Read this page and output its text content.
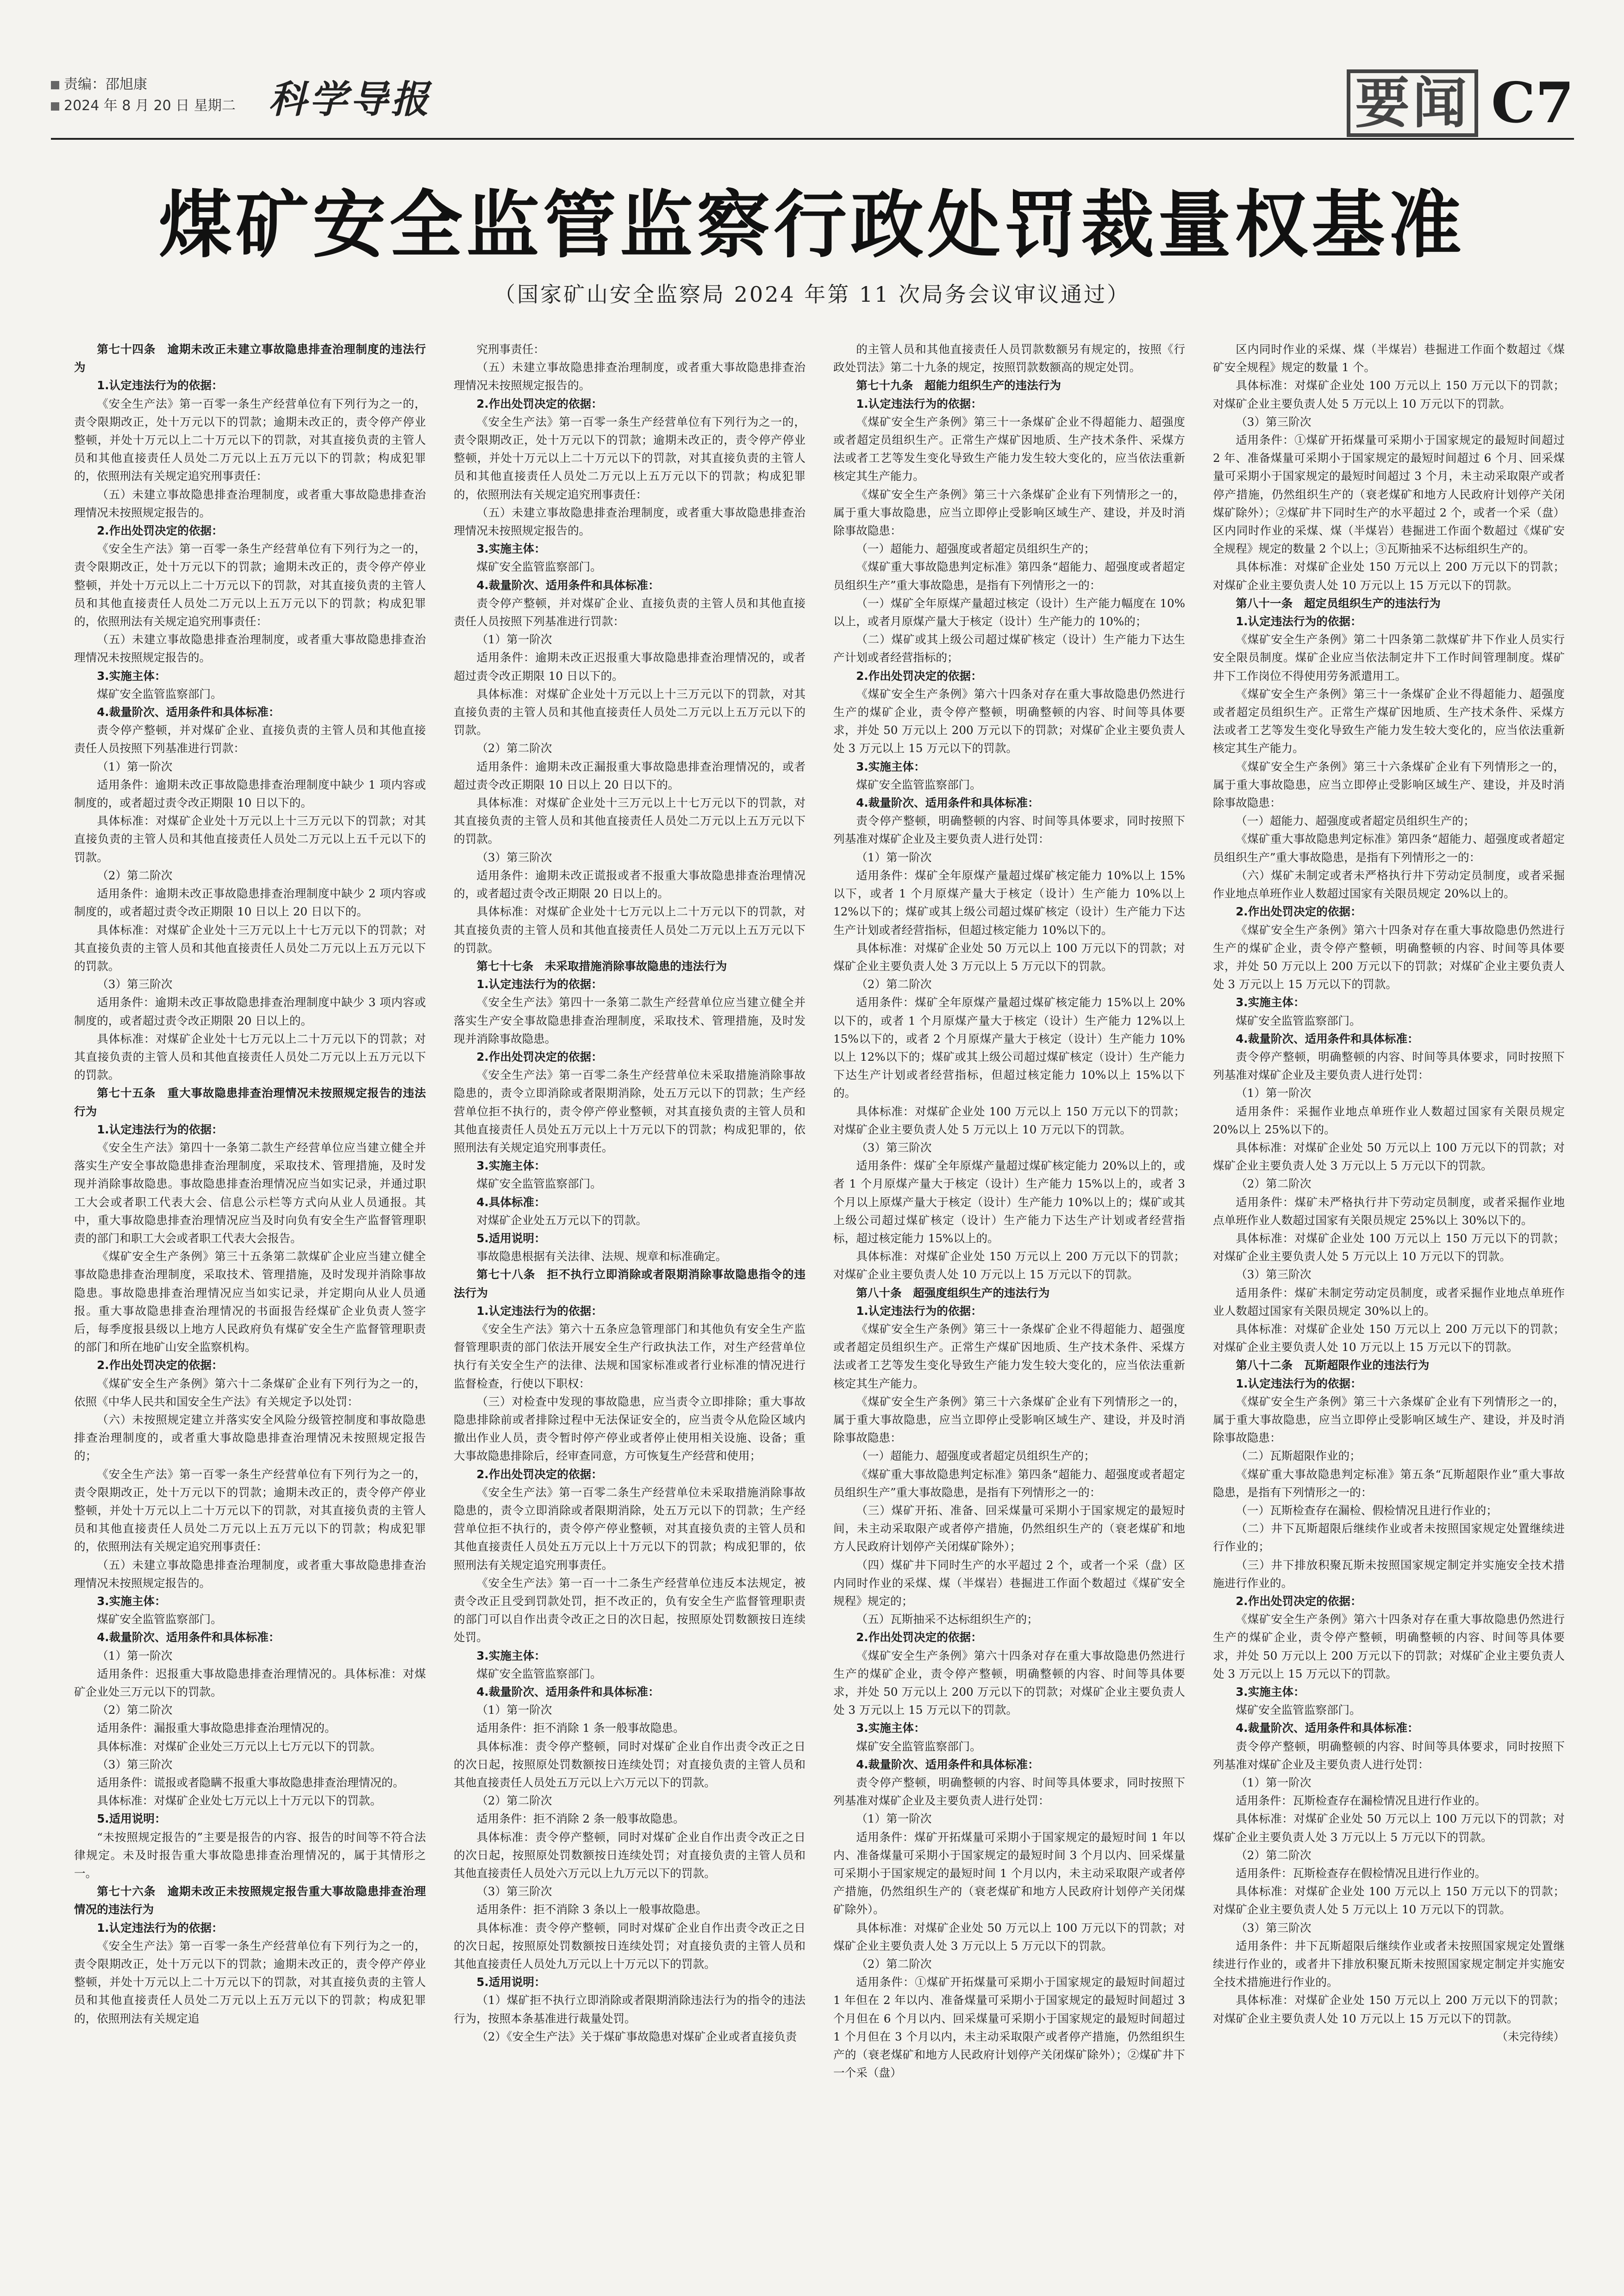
责编：邵旭康
2024 年 8 月 20 日 星期二 科学导报	要闻 C7
煤矿安全监管监察行政处罚裁量权基准
（国家矿山安全监察局 2024 年第 11 次局务会议审议通过）

第七十四条　逾期未改正未建立事故隐患排查治理制度的违法行为

1.认定违法行为的依据：

《安全生产法》第一百零一条生产经营单位有下列行为之一的，责令限期改正，处十万元以下的罚款；逾期未改正的，责令停产停业整顿，并处十万元以上二十万元以下的罚款，对其直接负责的主管人员和其他直接责任人员处二万元以上五万元以下的罚款；构成犯罪的，依照刑法有关规定追究刑事责任：

（五）未建立事故隐患排查治理制度，或者重大事故隐患排查治理情况未按照规定报告的。

2.作出处罚决定的依据：

《安全生产法》第一百零一条生产经营单位有下列行为之一的，责令限期改正，处十万元以下的罚款；逾期未改正的，责令停产停业整顿，并处十万元以上二十万元以下的罚款，对其直接负责的主管人员和其他直接责任人员处二万元以上五万元以下的罚款；构成犯罪的，依照刑法有关规定追究刑事责任：

（五）未建立事故隐患排查治理制度，或者重大事故隐患排查治理情况未按照规定报告的。

3.实施主体：

煤矿安全监管监察部门。

4.裁量阶次、适用条件和具体标准：

责令停产整顿，并对煤矿企业、直接负责的主管人员和其他直接责任人员按照下列基准进行罚款：

（1）第一阶次

适用条件：逾期未改正事故隐患排查治理制度中缺少 1 项内容或制度的，或者超过责令改正期限 10 日以下的。

具体标准：对煤矿企业处十万元以上十三万元以下的罚款；对其直接负责的主管人员和其他直接责任人员处二万元以上五千元以下的罚款。

（2）第二阶次

适用条件：逾期未改正事故隐患排查治理制度中缺少 2 项内容或制度的，或者超过责令改正期限 10 日以上 20 日以下的。

具体标准：对煤矿企业处十三万元以上十七万元以下的罚款；对其直接负责的主管人员和其他直接责任人员处二万元以上五万元以下的罚款。

（3）第三阶次

适用条件：逾期未改正事故隐患排查治理制度中缺少 3 项内容或制度的，或者超过责令改正期限 20 日以上的。

具体标准：对煤矿企业处十七万元以上二十万元以下的罚款；对其直接负责的主管人员和其他直接责任人员处二万元以上五万元以下的罚款。

第七十五条　重大事故隐患排查治理情况未按照规定报告的违法行为

1.认定违法行为的依据：

《安全生产法》第四十一条第二款生产经营单位应当建立健全并落实生产安全事故隐患排查治理制度，采取技术、管理措施，及时发现并消除事故隐患。事故隐患排查治理情况应当如实记录，并通过职工大会或者职工代表大会、信息公示栏等方式向从业人员通报。其中，重大事故隐患排查治理情况应当及时向负有安全生产监督管理职责的部门和职工大会或者职工代表大会报告。

《煤矿安全生产条例》第三十五条第二款煤矿企业应当建立健全事故隐患排查治理制度，采取技术、管理措施，及时发现并消除事故隐患。事故隐患排查治理情况应当如实记录，并定期向从业人员通报。重大事故隐患排查治理情况的书面报告经煤矿企业负责人签字后，每季度报县级以上地方人民政府负有煤矿安全生产监督管理职责的部门和所在地矿山安全监察机构。

2.作出处罚决定的依据：

《煤矿安全生产条例》第六十二条煤矿企业有下列行为之一的，依照《中华人民共和国安全生产法》有关规定予以处罚：

（六）未按照规定建立并落实安全风险分级管控制度和事故隐患排查治理制度的，或者重大事故隐患排查治理情况未按照规定报告的；

《安全生产法》第一百零一条生产经营单位有下列行为之一的，责令限期改正，处十万元以下的罚款；逾期未改正的，责令停产停业整顿，并处十万元以上二十万元以下的罚款，对其直接负责的主管人员和其他直接责任人员处二万元以上五万元以下的罚款；构成犯罪的，依照刑法有关规定追究刑事责任：

（五）未建立事故隐患排查治理制度，或者重大事故隐患排查治理情况未按照规定报告的。

3.实施主体：

煤矿安全监管监察部门。

4.裁量阶次、适用条件和具体标准：

（1）第一阶次

适用条件：迟报重大事故隐患排查治理情况的。具体标准：对煤矿企业处三万元以下的罚款。

（2）第二阶次

适用条件：漏报重大事故隐患排查治理情况的。

具体标准：对煤矿企业处三万元以上七万元以下的罚款。

（3）第三阶次

适用条件：谎报或者隐瞒不报重大事故隐患排查治理情况的。

具体标准：对煤矿企业处七万元以上十万元以下的罚款。

5.适用说明：

“未按照规定报告的”主要是报告的内容、报告的时间等不符合法律规定。未及时报告重大事故隐患排查治理情况的，属于其情形之一。

第七十六条　逾期未改正未按照规定报告重大事故隐患排查治理情况的违法行为

1.认定违法行为的依据：

《安全生产法》第一百零一条生产经营单位有下列行为之一的，责令限期改正，处十万元以下的罚款；逾期未改正的，责令停产停业整顿，并处十万元以上二十万元以下的罚款，对其直接负责的主管人员和其他直接责任人员处二万元以上五万元以下的罚款；构成犯罪的，依照刑法有关规定追

究刑事责任：

（五）未建立事故隐患排查治理制度，或者重大事故隐患排查治理情况未按照规定报告的。

2.作出处罚决定的依据：

《安全生产法》第一百零一条生产经营单位有下列行为之一的，责令限期改正，处十万元以下的罚款；逾期未改正的，责令停产停业整顿，并处十万元以上二十万元以下的罚款，对其直接负责的主管人员和其他直接责任人员处二万元以上五万元以下的罚款；构成犯罪的，依照刑法有关规定追究刑事责任：

（五）未建立事故隐患排查治理制度，或者重大事故隐患排查治理情况未按照规定报告的。

3.实施主体：

煤矿安全监管监察部门。

4.裁量阶次、适用条件和具体标准：

责令停产整顿，并对煤矿企业、直接负责的主管人员和其他直接责任人员按照下列基准进行罚款：

（1）第一阶次

适用条件：逾期未改正迟报重大事故隐患排查治理情况的，或者超过责令改正期限 10 日以下的。

具体标准：对煤矿企业处十万元以上十三万元以下的罚款，对其直接负责的主管人员和其他直接责任人员处二万元以上五万元以下的罚款。

（2）第二阶次

适用条件：逾期未改正漏报重大事故隐患排查治理情况的，或者超过责令改正期限 10 日以上 20 日以下的。

具体标准：对煤矿企业处十三万元以上十七万元以下的罚款，对其直接负责的主管人员和其他直接责任人员处二万元以上五万元以下的罚款。

（3）第三阶次

适用条件：逾期未改正谎报或者不报重大事故隐患排查治理情况的，或者超过责令改正期限 20 日以上的。

具体标准：对煤矿企业处十七万元以上二十万元以下的罚款，对其直接负责的主管人员和其他直接责任人员处二万元以上五万元以下的罚款。

第七十七条　未采取措施消除事故隐患的违法行为

1.认定违法行为的依据：

《安全生产法》第四十一条第二款生产经营单位应当建立健全并落实生产安全事故隐患排查治理制度，采取技术、管理措施，及时发现并消除事故隐患。

2.作出处罚决定的依据：

《安全生产法》第一百零二条生产经营单位未采取措施消除事故隐患的，责令立即消除或者限期消除，处五万元以下的罚款；生产经营单位拒不执行的，责令停产停业整顿，对其直接负责的主管人员和其他直接责任人员处五万元以上十万元以下的罚款；构成犯罪的，依照刑法有关规定追究刑事责任。

3.实施主体：

煤矿安全监管监察部门。

4.具体标准：

对煤矿企业处五万元以下的罚款。

5.适用说明：

事故隐患根据有关法律、法规、规章和标准确定。

第七十八条　拒不执行立即消除或者限期消除事故隐患指令的违法行为

1.认定违法行为的依据：

《安全生产法》第六十五条应急管理部门和其他负有安全生产监督管理职责的部门依法开展安全生产行政执法工作，对生产经营单位执行有关安全生产的法律、法规和国家标准或者行业标准的情况进行监督检查，行使以下职权：

（三）对检查中发现的事故隐患，应当责令立即排除；重大事故隐患排除前或者排除过程中无法保证安全的，应当责令从危险区域内撤出作业人员，责令暂时停产停业或者停止使用相关设施、设备；重大事故隐患排除后，经审查同意，方可恢复生产经营和使用；

2.作出处罚决定的依据：

《安全生产法》第一百零二条生产经营单位未采取措施消除事故隐患的，责令立即消除或者限期消除，处五万元以下的罚款；生产经营单位拒不执行的，责令停产停业整顿，对其直接负责的主管人员和其他直接责任人员处五万元以上十万元以下的罚款；构成犯罪的，依照刑法有关规定追究刑事责任。

《安全生产法》第一百一十二条生产经营单位违反本法规定，被责令改正且受到罚款处罚，拒不改正的，负有安全生产监督管理职责的部门可以自作出责令改正之日的次日起，按照原处罚数额按日连续处罚。

3.实施主体：

煤矿安全监管监察部门。

4.裁量阶次、适用条件和具体标准：

（1）第一阶次

适用条件：拒不消除 1 条一般事故隐患。

具体标准：责令停产整顿，同时对煤矿企业自作出责令改正之日的次日起，按照原处罚数额按日连续处罚；对直接负责的主管人员和其他直接责任人员处五万元以上六万元以下的罚款。

（2）第二阶次

适用条件：拒不消除 2 条一般事故隐患。

具体标准：责令停产整顿，同时对煤矿企业自作出责令改正之日的次日起，按照原处罚数额按日连续处罚；对直接负责的主管人员和其他直接责任人员处六万元以上九万元以下的罚款。

（3）第三阶次

适用条件：拒不消除 3 条以上一般事故隐患。

具体标准：责令停产整顿，同时对煤矿企业自作出责令改正之日的次日起，按照原处罚数额按日连续处罚；对直接负责的主管人员和其他直接责任人员处九万元以上十万元以下的罚款。

5.适用说明：

（1）煤矿拒不执行立即消除或者限期消除违法行为的指令的违法行为，按照本条基准进行裁量处罚。

（2）《安全生产法》关于煤矿事故隐患对煤矿企业或者直接负责

的主管人员和其他直接责任人员罚款数额另有规定的，按照《行政处罚法》第二十九条的规定，按照罚款数额高的规定处罚。

第七十九条　超能力组织生产的违法行为

1.认定违法行为的依据：

《煤矿安全生产条例》第三十一条煤矿企业不得超能力、超强度或者超定员组织生产。正常生产煤矿因地质、生产技术条件、采煤方法或者工艺等发生变化导致生产能力发生较大变化的，应当依法重新核定其生产能力。

《煤矿安全生产条例》第三十六条煤矿企业有下列情形之一的，属于重大事故隐患，应当立即停止受影响区域生产、建设，并及时消除事故隐患：

（一）超能力、超强度或者超定员组织生产的；

《煤矿重大事故隐患判定标准》第四条“超能力、超强度或者超定员组织生产”重大事故隐患，是指有下列情形之一的：

（一）煤矿全年原煤产量超过核定（设计）生产能力幅度在 10%以上，或者月原煤产量大于核定（设计）生产能力的 10%的；

（二）煤矿或其上级公司超过煤矿核定（设计）生产能力下达生产计划或者经营指标的；

2.作出处罚决定的依据：

《煤矿安全生产条例》第六十四条对存在重大事故隐患仍然进行生产的煤矿企业，责令停产整顿，明确整顿的内容、时间等具体要求，并处 50 万元以上 200 万元以下的罚款；对煤矿企业主要负责人处 3 万元以上 15 万元以下的罚款。

3.实施主体：

煤矿安全监管监察部门。

4.裁量阶次、适用条件和具体标准：

责令停产整顿，明确整顿的内容、时间等具体要求，同时按照下列基准对煤矿企业及主要负责人进行处罚：

（1）第一阶次

适用条件：煤矿全年原煤产量超过煤矿核定能力 10%以上 15%以下，或者 1 个月原煤产量大于核定（设计）生产能力 10%以上 12%以下的；煤矿或其上级公司超过煤矿核定（设计）生产能力下达生产计划或者经营指标，但超过核定能力 10%以下的。

具体标准：对煤矿企业处 50 万元以上 100 万元以下的罚款；对煤矿企业主要负责人处 3 万元以上 5 万元以下的罚款。

（2）第二阶次

适用条件：煤矿全年原煤产量超过煤矿核定能力 15%以上 20%以下的，或者 1 个月原煤产量大于核定（设计）生产能力 12%以上 15%以下的，或者 2 个月原煤产量大于核定（设计）生产能力 10%以上 12%以下的；煤矿或其上级公司超过煤矿核定（设计）生产能力下达生产计划或者经营指标，但超过核定能力 10%以上 15%以下的。

具体标准：对煤矿企业处 100 万元以上 150 万元以下的罚款；对煤矿企业主要负责人处 5 万元以上 10 万元以下的罚款。

（3）第三阶次

适用条件：煤矿全年原煤产量超过煤矿核定能力 20%以上的，或者 1 个月原煤产量大于核定（设计）生产能力 15%以上的，或者 3 个月以上原煤产量大于核定（设计）生产能力 10%以上的；煤矿或其上级公司超过煤矿核定（设计）生产能力下达生产计划或者经营指标，超过核定能力 15%以上的。

具体标准：对煤矿企业处 150 万元以上 200 万元以下的罚款；对煤矿企业主要负责人处 10 万元以上 15 万元以下的罚款。

第八十条　超强度组织生产的违法行为

1.认定违法行为的依据：

《煤矿安全生产条例》第三十一条煤矿企业不得超能力、超强度或者超定员组织生产。正常生产煤矿因地质、生产技术条件、采煤方法或者工艺等发生变化导致生产能力发生较大变化的，应当依法重新核定其生产能力。

《煤矿安全生产条例》第三十六条煤矿企业有下列情形之一的，属于重大事故隐患，应当立即停止受影响区域生产、建设，并及时消除事故隐患：

（一）超能力、超强度或者超定员组织生产的；

《煤矿重大事故隐患判定标准》第四条“超能力、超强度或者超定员组织生产”重大事故隐患，是指有下列情形之一的：

（三）煤矿开拓、准备、回采煤量可采期小于国家规定的最短时间，未主动采取限产或者停产措施，仍然组织生产的（衰老煤矿和地方人民政府计划停产关闭煤矿除外）；

（四）煤矿井下同时生产的水平超过 2 个，或者一个采（盘）区内同时作业的采煤、煤（半煤岩）巷掘进工作面个数超过《煤矿安全规程》规定的；

（五）瓦斯抽采不达标组织生产的；

2.作出处罚决定的依据：

《煤矿安全生产条例》第六十四条对存在重大事故隐患仍然进行生产的煤矿企业，责令停产整顿，明确整顿的内容、时间等具体要求，并处 50 万元以上 200 万元以下的罚款；对煤矿企业主要负责人处 3 万元以上 15 万元以下的罚款。

3.实施主体：

煤矿安全监管监察部门。

4.裁量阶次、适用条件和具体标准：

责令停产整顿，明确整顿的内容、时间等具体要求，同时按照下列基准对煤矿企业及主要负责人进行处罚：

（1）第一阶次

适用条件：煤矿开拓煤量可采期小于国家规定的最短时间 1 年以内、准备煤量可采期小于国家规定的最短时间 3 个月以内、回采煤量可采期小于国家规定的最短时间 1 个月以内，未主动采取限产或者停产措施，仍然组织生产的（衰老煤矿和地方人民政府计划停产关闭煤矿除外）。

具体标准：对煤矿企业处 50 万元以上 100 万元以下的罚款；对煤矿企业主要负责人处 3 万元以上 5 万元以下的罚款。

（2）第二阶次

适用条件：①煤矿开拓煤量可采期小于国家规定的最短时间超过 1 年但在 2 年以内、准备煤量可采期小于国家规定的最短时间超过 3 个月但在 6 个月以内、回采煤量可采期小于国家规定的最短时间超过 1 个月但在 3 个月以内，未主动采取限产或者停产措施，仍然组织生产的（衰老煤矿和地方人民政府计划停产关闭煤矿除外）；②煤矿井下一个采（盘）

区内同时作业的采煤、煤（半煤岩）巷掘进工作面个数超过《煤矿安全规程》规定的数量 1 个。

具体标准：对煤矿企业处 100 万元以上 150 万元以下的罚款；对煤矿企业主要负责人处 5 万元以上 10 万元以下的罚款。

（3）第三阶次

适用条件：①煤矿开拓煤量可采期小于国家规定的最短时间超过 2 年、准备煤量可采期小于国家规定的最短时间超过 6 个月、回采煤量可采期小于国家规定的最短时间超过 3 个月，未主动采取限产或者停产措施，仍然组织生产的（衰老煤矿和地方人民政府计划停产关闭煤矿除外）；②煤矿井下同时生产的水平超过 2 个，或者一个采（盘）区内同时作业的采煤、煤（半煤岩）巷掘进工作面个数超过《煤矿安全规程》规定的数量 2 个以上；③瓦斯抽采不达标组织生产的。

具体标准：对煤矿企业处 150 万元以上 200 万元以下的罚款；对煤矿企业主要负责人处 10 万元以上 15 万元以下的罚款。

第八十一条　超定员组织生产的违法行为

1.认定违法行为的依据：

《煤矿安全生产条例》第二十四条第二款煤矿井下作业人员实行安全限员制度。煤矿企业应当依法制定井下工作时间管理制度。煤矿井下工作岗位不得使用劳务派遣用工。

《煤矿安全生产条例》第三十一条煤矿企业不得超能力、超强度或者超定员组织生产。正常生产煤矿因地质、生产技术条件、采煤方法或者工艺等发生变化导致生产能力发生较大变化的，应当依法重新核定其生产能力。

《煤矿安全生产条例》第三十六条煤矿企业有下列情形之一的，属于重大事故隐患，应当立即停止受影响区域生产、建设，并及时消除事故隐患：

（一）超能力、超强度或者超定员组织生产的；

《煤矿重大事故隐患判定标准》第四条“超能力、超强度或者超定员组织生产”重大事故隐患，是指有下列情形之一的：

（六）煤矿未制定或者未严格执行井下劳动定员制度，或者采掘作业地点单班作业人数超过国家有关限员规定 20%以上的。

2.作出处罚决定的依据：

《煤矿安全生产条例》第六十四条对存在重大事故隐患仍然进行生产的煤矿企业，责令停产整顿，明确整顿的内容、时间等具体要求，并处 50 万元以上 200 万元以下的罚款；对煤矿企业主要负责人处 3 万元以上 15 万元以下的罚款。

3.实施主体：

煤矿安全监管监察部门。

4.裁量阶次、适用条件和具体标准：

责令停产整顿，明确整顿的内容、时间等具体要求，同时按照下列基准对煤矿企业及主要负责人进行处罚：

（1）第一阶次

适用条件：采掘作业地点单班作业人数超过国家有关限员规定 20%以上 25%以下的。

具体标准：对煤矿企业处 50 万元以上 100 万元以下的罚款；对煤矿企业主要负责人处 3 万元以上 5 万元以下的罚款。

（2）第二阶次

适用条件：煤矿未严格执行井下劳动定员制度，或者采掘作业地点单班作业人数超过国家有关限员规定 25%以上 30%以下的。

具体标准：对煤矿企业处 100 万元以上 150 万元以下的罚款；对煤矿企业主要负责人处 5 万元以上 10 万元以下的罚款。

（3）第三阶次

适用条件：煤矿未制定劳动定员制度，或者采掘作业地点单班作业人数超过国家有关限员规定 30%以上的。

具体标准：对煤矿企业处 150 万元以上 200 万元以下的罚款；对煤矿企业主要负责人处 10 万元以上 15 万元以下的罚款。

第八十二条　瓦斯超限作业的违法行为

1.认定违法行为的依据：

《煤矿安全生产条例》第三十六条煤矿企业有下列情形之一的，属于重大事故隐患，应当立即停止受影响区域生产、建设，并及时消除事故隐患：

（二）瓦斯超限作业的；

《煤矿重大事故隐患判定标准》第五条“瓦斯超限作业”重大事故隐患，是指有下列情形之一的：

（一）瓦斯检查存在漏检、假检情况且进行作业的；

（二）井下瓦斯超限后继续作业或者未按照国家规定处置继续进行作业的；

（三）井下排放积聚瓦斯未按照国家规定制定并实施安全技术措施进行作业的。

2.作出处罚决定的依据：

《煤矿安全生产条例》第六十四条对存在重大事故隐患仍然进行生产的煤矿企业，责令停产整顿，明确整顿的内容、时间等具体要求，并处 50 万元以上 200 万元以下的罚款；对煤矿企业主要负责人处 3 万元以上 15 万元以下的罚款。

3.实施主体：

煤矿安全监管监察部门。

4.裁量阶次、适用条件和具体标准：

责令停产整顿，明确整顿的内容、时间等具体要求，同时按照下列基准对煤矿企业及主要负责人进行处罚：

（1）第一阶次

适用条件：瓦斯检查存在漏检情况且进行作业的。

具体标准：对煤矿企业处 50 万元以上 100 万元以下的罚款；对煤矿企业主要负责人处 3 万元以上 5 万元以下的罚款。

（2）第二阶次

适用条件：瓦斯检查存在假检情况且进行作业的。

具体标准：对煤矿企业处 100 万元以上 150 万元以下的罚款；对煤矿企业主要负责人处 5 万元以上 10 万元以下的罚款。

（3）第三阶次

适用条件：井下瓦斯超限后继续作业或者未按照国家规定处置继续进行作业的，或者井下排放积聚瓦斯未按照国家规定制定并实施安全技术措施进行作业的。

具体标准：对煤矿企业处 150 万元以上 200 万元以下的罚款；对煤矿企业主要负责人处 10 万元以上 15 万元以下的罚款。

（未完待续）
